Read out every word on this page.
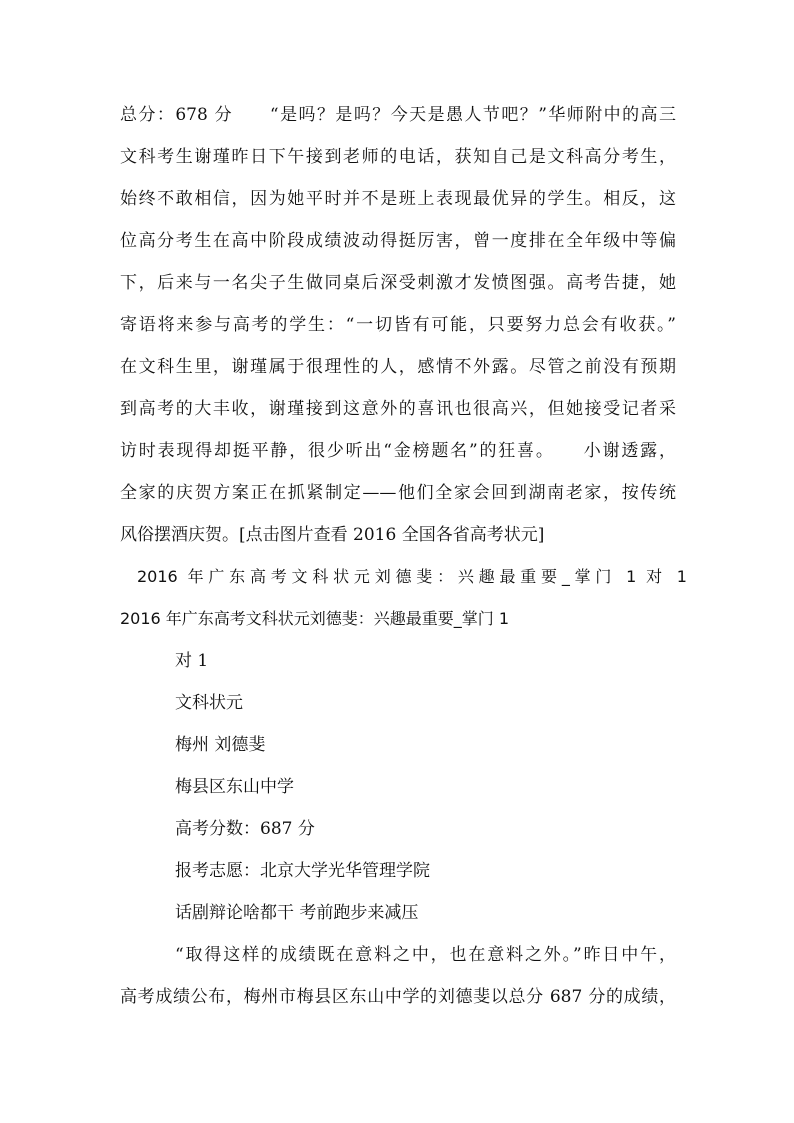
总分：678 分　　“是吗？是吗？今天是愚人节吧？”华师附中的高三
文科考生谢瑾昨日下午接到老师的电话，获知自己是文科高分考生，
始终不敢相信，因为她平时并不是班上表现最优异的学生。相反，这
位高分考生在高中阶段成绩波动得挺厉害，曾一度排在全年级中等偏
下，后来与一名尖子生做同桌后深受刺激才发愤图强。高考告捷，她
寄语将来参与高考的学生：“一切皆有可能，只要努力总会有收获。”
在文科生里，谢瑾属于很理性的人，感情不外露。尽管之前没有预期
到高考的大丰收，谢瑾接到这意外的喜讯也很高兴，但她接受记者采
访时表现得却挺平静，很少听出“金榜题名”的狂喜。　　小谢透露，
全家的庆贺方案正在抓紧制定——他们全家会回到湖南老家，按传统
风俗摆酒庆贺。[点击图片查看 2016 全国各省高考状元]
2016 年广东高考文科状元刘德斐：兴趣最重要_掌门 1 对 1
2016 年广东高考文科状元刘德斐：兴趣最重要_掌门 1
对 1
文科状元
梅州 刘德斐
梅县区东山中学
高考分数：687 分
报考志愿：北京大学光华管理学院
话剧辩论啥都干 考前跑步来减压
“取得这样的成绩既在意料之中，也在意料之外。”昨日中午，
高考成绩公布，梅州市梅县区东山中学的刘德斐以总分 687 分的成绩，
